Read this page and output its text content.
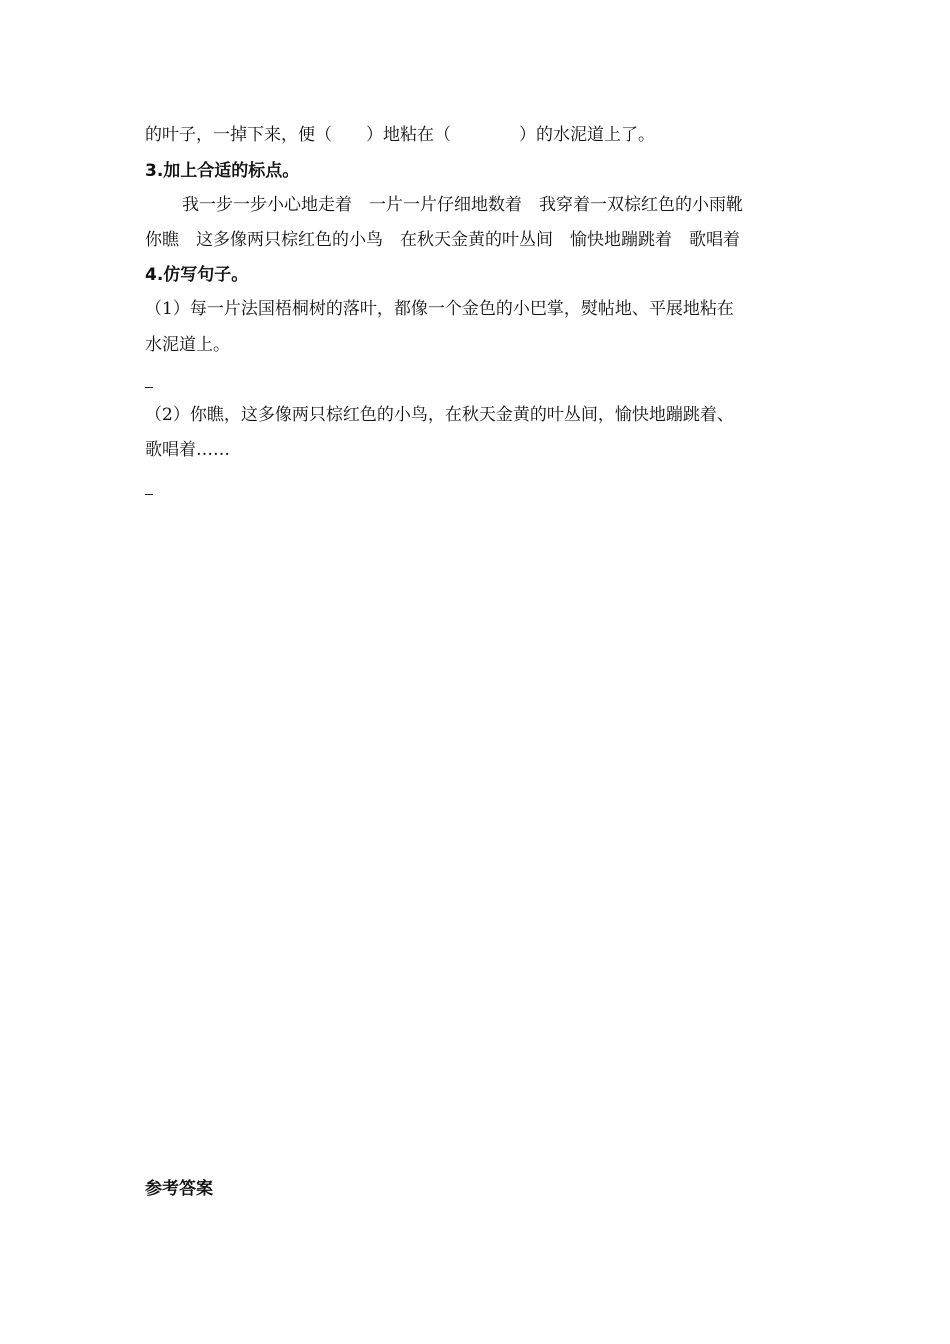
的叶子，一掉下来，便（　　）地粘在（　　　　）的水泥道上了。
3.加上合适的标点。
我一步一步小心地走着　一片一片仔细地数着　我穿着一双棕红色的小雨靴
你瞧　这多像两只棕红色的小鸟　在秋天金黄的叶丛间　愉快地蹦跳着　歌唱着
4.仿写句子。
（1）每一片法国梧桐树的落叶，都像一个金色的小巴掌，熨帖地、平展地粘在
水泥道上。
（2）你瞧，这多像两只棕红色的小鸟，在秋天金黄的叶丛间，愉快地蹦跳着、
歌唱着……
参考答案
